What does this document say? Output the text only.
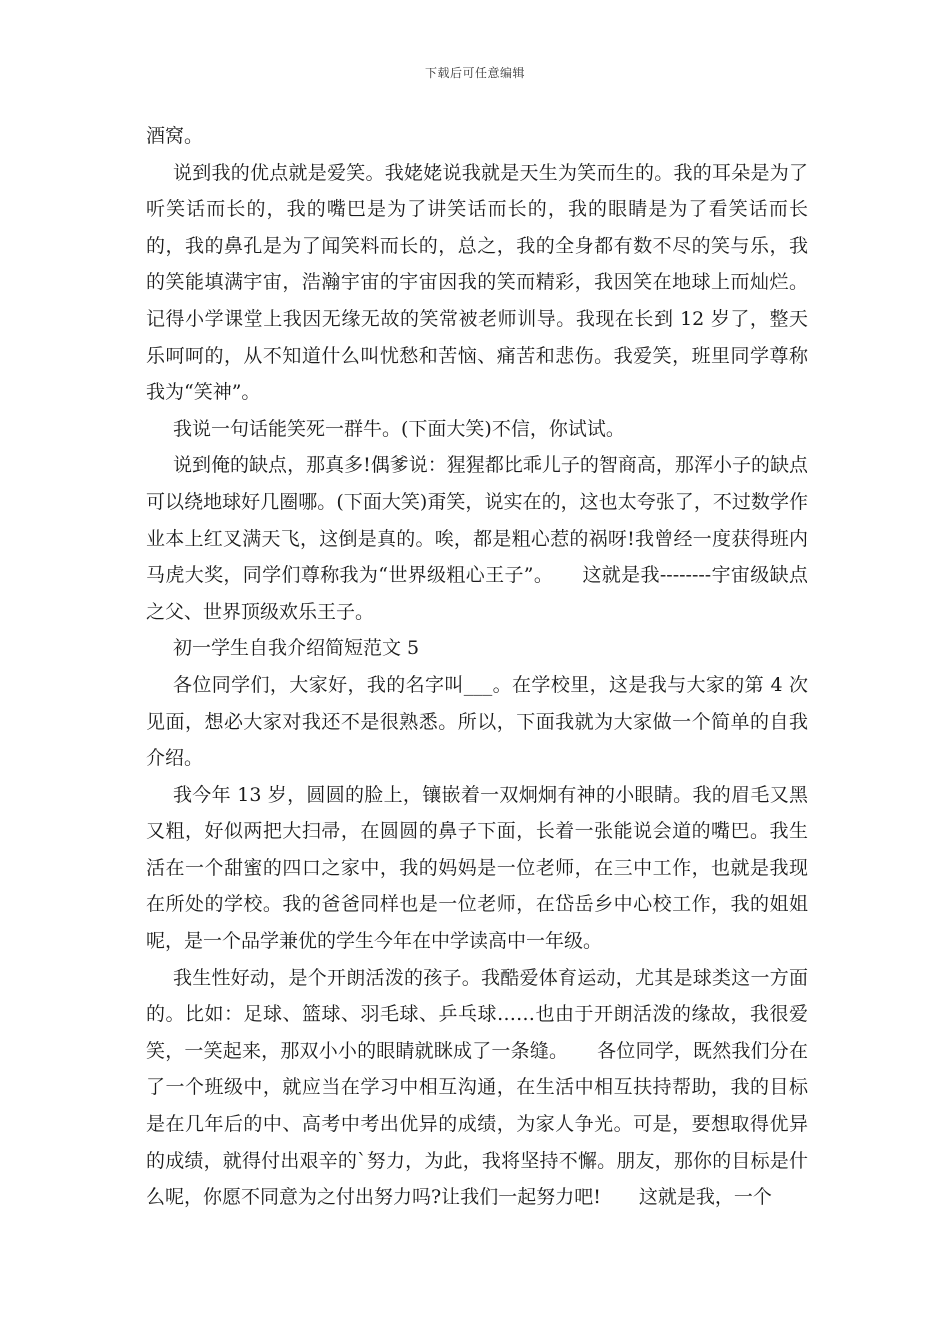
下载后可任意编辑

酒窝。

说到我的优点就是爱笑。我姥姥说我就是天生为笑而生的。我的耳朵是为了听笑话而长的，我的嘴巴是为了讲笑话而长的，我的眼睛是为了看笑话而长的，我的鼻孔是为了闻笑料而长的，总之，我的全身都有数不尽的笑与乐，我的笑能填满宇宙，浩瀚宇宙的宇宙因我的笑而精彩，我因笑在地球上而灿烂。记得小学课堂上我因无缘无故的笑常被老师训导。我现在长到 12 岁了，整天乐呵呵的，从不知道什么叫忧愁和苦恼、痛苦和悲伤。我爱笑，班里同学尊称我为“笑神”。

我说一句话能笑死一群牛。(下面大笑)不信，你试试。

说到俺的缺点，那真多!偶爹说：猩猩都比乖儿子的智商高，那浑小子的缺点可以绕地球好几圈哪。(下面大笑)甭笑，说实在的，这也太夸张了，不过数学作业本上红叉满天飞，这倒是真的。唉，都是粗心惹的祸呀!我曾经一度获得班内马虎大奖，同学们尊称我为“世界级粗心王子”。　　这就是我--------宇宙级缺点之父、世界顶级欢乐王子。

初一学生自我介绍简短范文 5

各位同学们，大家好，我的名字叫___。在学校里，这是我与大家的第 4 次见面，想必大家对我还不是很熟悉。所以，下面我就为大家做一个简单的自我介绍。

我今年 13 岁，圆圆的脸上，镶嵌着一双炯炯有神的小眼睛。我的眉毛又黑又粗，好似两把大扫帚，在圆圆的鼻子下面，长着一张能说会道的嘴巴。我生活在一个甜蜜的四口之家中，我的妈妈是一位老师，在三中工作，也就是我现在所处的学校。我的爸爸同样也是一位老师，在岱岳乡中心校工作，我的姐姐呢，是一个品学兼优的学生今年在中学读高中一年级。

我生性好动，是个开朗活泼的孩子。我酷爱体育运动，尤其是球类这一方面的。比如：足球、篮球、羽毛球、乒乓球……也由于开朗活泼的缘故，我很爱笑，一笑起来，那双小小的眼睛就眯成了一条缝。　　各位同学，既然我们分在了一个班级中，就应当在学习中相互沟通，在生活中相互扶持帮助，我的目标是在几年后的中、高考中考出优异的成绩，为家人争光。可是，要想取得优异的成绩，就得付出艰辛的`努力，为此，我将坚持不懈。朋友，那你的目标是什么呢，你愿不同意为之付出努力吗?让我们一起努力吧!　　这就是我，一个
